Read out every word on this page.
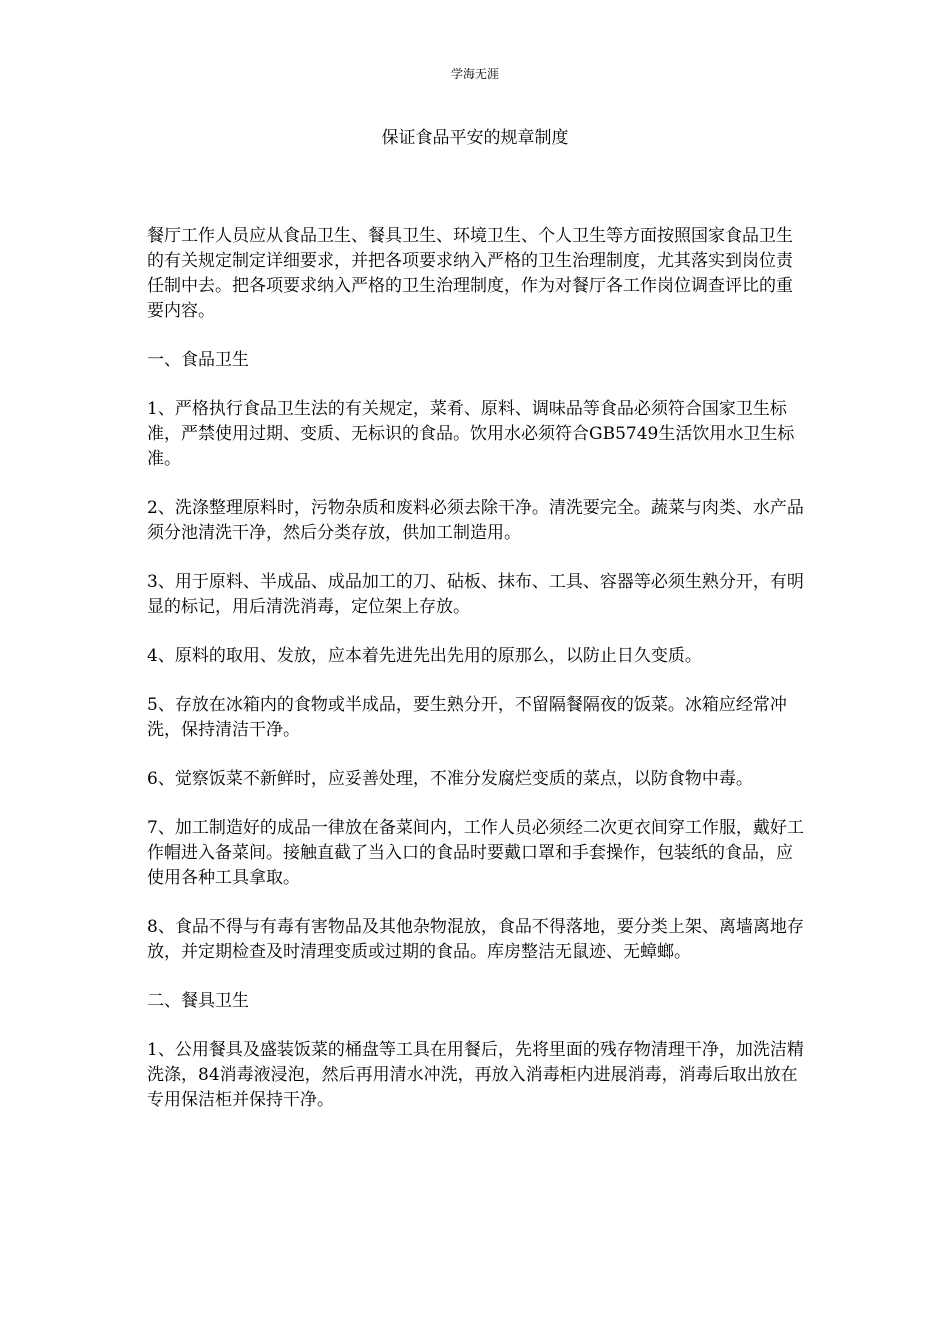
学海无涯
保证食品平安的规章制度

餐厅工作人员应从食品卫生、餐具卫生、环境卫生、个人卫生等方面按照国家食品卫生的有关规定制定详细要求，并把各项要求纳入严格的卫生治理制度，尤其落实到岗位责任制中去。把各项要求纳入严格的卫生治理制度，作为对餐厅各工作岗位调查评比的重要内容。

一、食品卫生

1、严格执行食品卫生法的有关规定，菜肴、原料、调味品等食品必须符合国家卫生标准，严禁使用过期、变质、无标识的食品。饮用水必须符合GB5749生活饮用水卫生标准。

2、洗涤整理原料时，污物杂质和废料必须去除干净。清洗要完全。蔬菜与肉类、水产品须分池清洗干净，然后分类存放，供加工制造用。

3、用于原料、半成品、成品加工的刀、砧板、抹布、工具、容器等必须生熟分开，有明显的标记，用后清洗消毒，定位架上存放。

4、原料的取用、发放，应本着先进先出先用的原那么，以防止日久变质。

5、存放在冰箱内的食物或半成品，要生熟分开，不留隔餐隔夜的饭菜。冰箱应经常冲洗，保持清洁干净。

6、觉察饭菜不新鲜时，应妥善处理，不准分发腐烂变质的菜点，以防食物中毒。

7、加工制造好的成品一律放在备菜间内，工作人员必须经二次更衣间穿工作服，戴好工作帽进入备菜间。接触直截了当入口的食品时要戴口罩和手套操作，包装纸的食品，应使用各种工具拿取。

8、食品不得与有毒有害物品及其他杂物混放，食品不得落地，要分类上架、离墙离地存放，并定期检查及时清理变质或过期的食品。库房整洁无鼠迹、无蟑螂。

二、餐具卫生

1、公用餐具及盛装饭菜的桶盘等工具在用餐后，先将里面的残存物清理干净，加洗洁精洗涤，84消毒液浸泡，然后再用清水冲洗，再放入消毒柜内进展消毒，消毒后取出放在专用保洁柜并保持干净。
